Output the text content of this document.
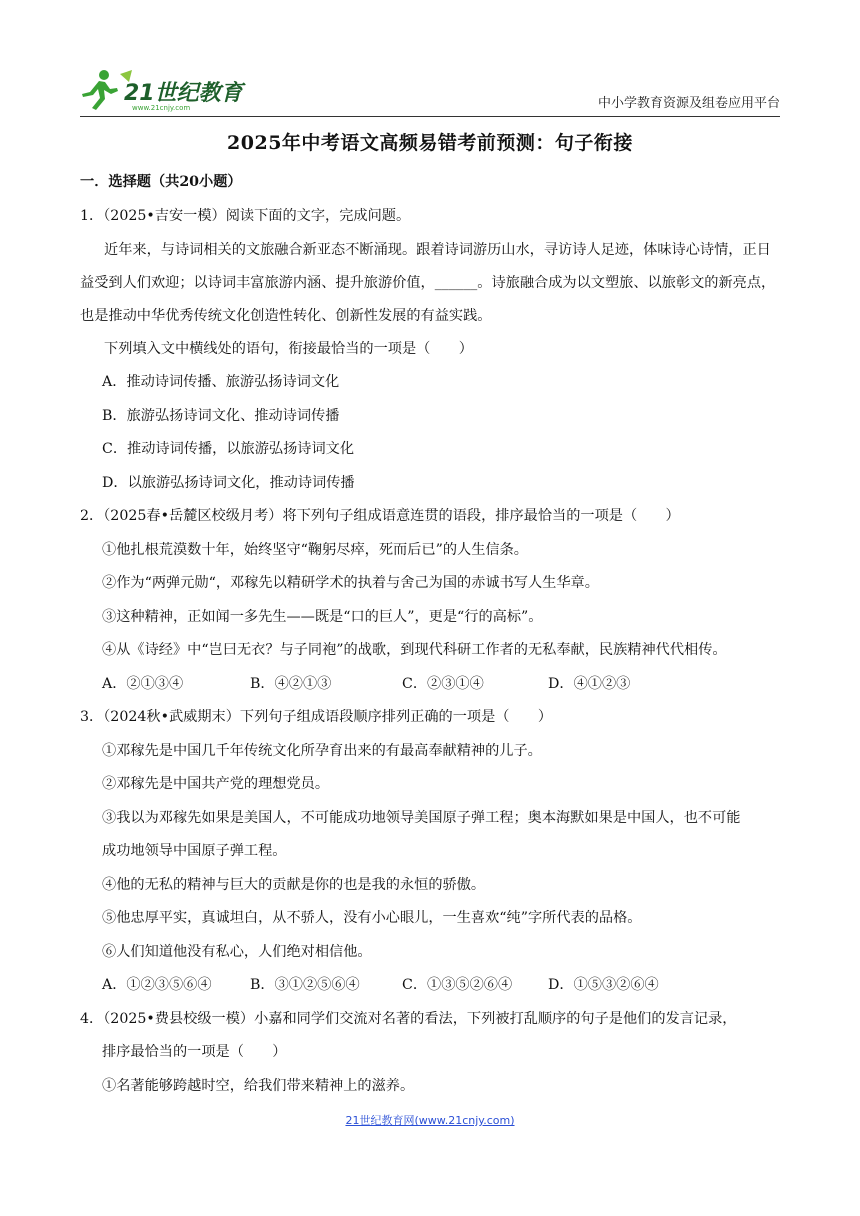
21世纪教育
www.21cnjy.com	中小学教育资源及组卷应用平台
2025年中考语文高频易错考前预测：句子衔接
一．选择题（共20小题）
1．（2025•吉安一模）阅读下面的文字，完成问题。
近年来，与诗词相关的文旅融合新亚态不断涌现。跟着诗词游历山水，寻访诗人足迹，体味诗心诗情，正日益受到人们欢迎；以诗词丰富旅游内涵、提升旅游价值，______。诗旅融合成为以文塑旅、以旅彰文的新亮点，也是推动中华优秀传统文化创造性转化、创新性发展的有益实践。
下列填入文中横线处的语句，衔接最恰当的一项是（　　）
A．推动诗词传播、旅游弘扬诗词文化
B．旅游弘扬诗词文化、推动诗词传播
C．推动诗词传播，以旅游弘扬诗词文化
D．以旅游弘扬诗词文化，推动诗词传播
2．（2025春•岳麓区校级月考）将下列句子组成语意连贯的语段，排序最恰当的一项是（　　）
①他扎根荒漠数十年，始终坚守“鞠躬尽瘁，死而后已”的人生信条。
②作为“两弹元勋“，邓稼先以精研学术的执着与舍己为国的赤诚书写人生华章。
③这种精神，正如闻一多先生——既是“口的巨人”，更是“行的高标”。
④从《诗经》中“岂曰无衣？与子同袍”的战歌，到现代科研工作者的无私奉献，民族精神代代相传。
A．②①③④	B．④②①③	C．②③①④	D．④①②③
3．（2024秋•武威期末）下列句子组成语段顺序排列正确的一项是（　　）
①邓稼先是中国几千年传统文化所孕育出来的有最高奉献精神的儿子。
②邓稼先是中国共产党的理想党员。
③我以为邓稼先如果是美国人，不可能成功地领导美国原子弹工程；奥本海默如果是中国人，也不可能
成功地领导中国原子弹工程。
④他的无私的精神与巨大的贡献是你的也是我的永恒的骄傲。
⑤他忠厚平实，真诚坦白，从不骄人，没有小心眼儿，一生喜欢“纯”字所代表的品格。
⑥人们知道他没有私心，人们绝对相信他。
A．①②③⑤⑥④	B．③①②⑤⑥④	C．①③⑤②⑥④	D．①⑤③②⑥④
4．（2025•费县校级一模）小嘉和同学们交流对名著的看法，下列被打乱顺序的句子是他们的发言记录，
排序最恰当的一项是（　　）
①名著能够跨越时空，给我们带来精神上的滋养。
21世纪教育网(www.21cnjy.com)
